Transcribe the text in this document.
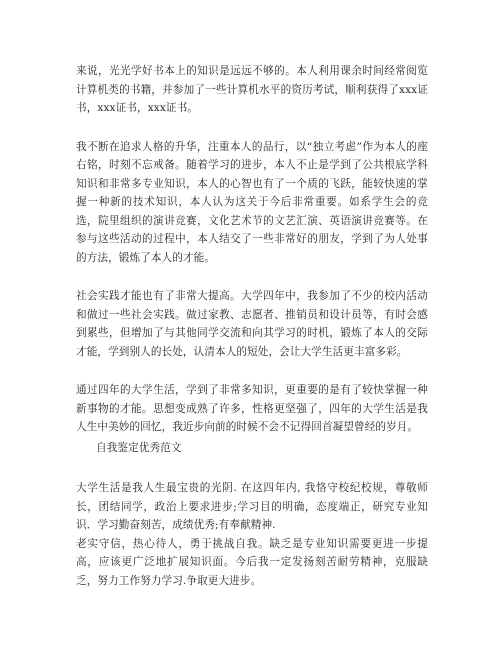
来说，光光学好书本上的知识是远远不够的。本人利用课余时间经常阅览计算机类的书籍，并参加了一些计算机水平的资历考试，顺利获得了xxx证书，xxx证书，xxx证书。

我不断在追求人格的升华，注重本人的品行，以“独立考虑”作为本人的座右铭，时刻不忘戒备。随着学习的进步，本人不止是学到了公共根底学科知识和非常多专业知识，本人的心智也有了一个质的飞跃，能较快速的掌握一种新的技术知识，本人认为这关于今后非常重要。如系学生会的竞选，院里组织的演讲竞赛，文化艺术节的文艺汇演、英语演讲竞赛等。在参与这些活动的过程中，本人结交了一些非常好的朋友，学到了为人处事的方法，锻炼了本人的才能。

社会实践才能也有了非常大提高。大学四年中，我参加了不少的校内活动和做过一些社会实践。做过家教、志愿者、推销员和设计员等，有时会感到累些，但增加了与其他同学交流和向其学习的时机，锻炼了本人的交际才能，学到别人的长处，认清本人的短处，会让大学生活更丰富多彩。

通过四年的大学生活，学到了非常多知识，更重要的是有了较快掌握一种新事物的才能。思想变成熟了许多，性格更坚强了，四年的大学生活是我人生中美妙的回忆，我近步向前的时候不会不记得回首凝望曾经的岁月。

自我鉴定优秀范文

大学生活是我人生最宝贵的光阴. 在这四年内, 我恪守校纪校规，尊敬师长，团结同学，政治上要求进步;学习目的明确，态度端正，研究专业知识．学习勤奋刻苦，成绩优秀;有奉献精神.

老实守信，热心待人，勇于挑战自我。缺乏是专业知识需要更进一步提高，应该更广泛地扩展知识面。今后我一定发扬刻苦耐劳精神，克服缺乏，努力工作努力学习.争取更大进步。
